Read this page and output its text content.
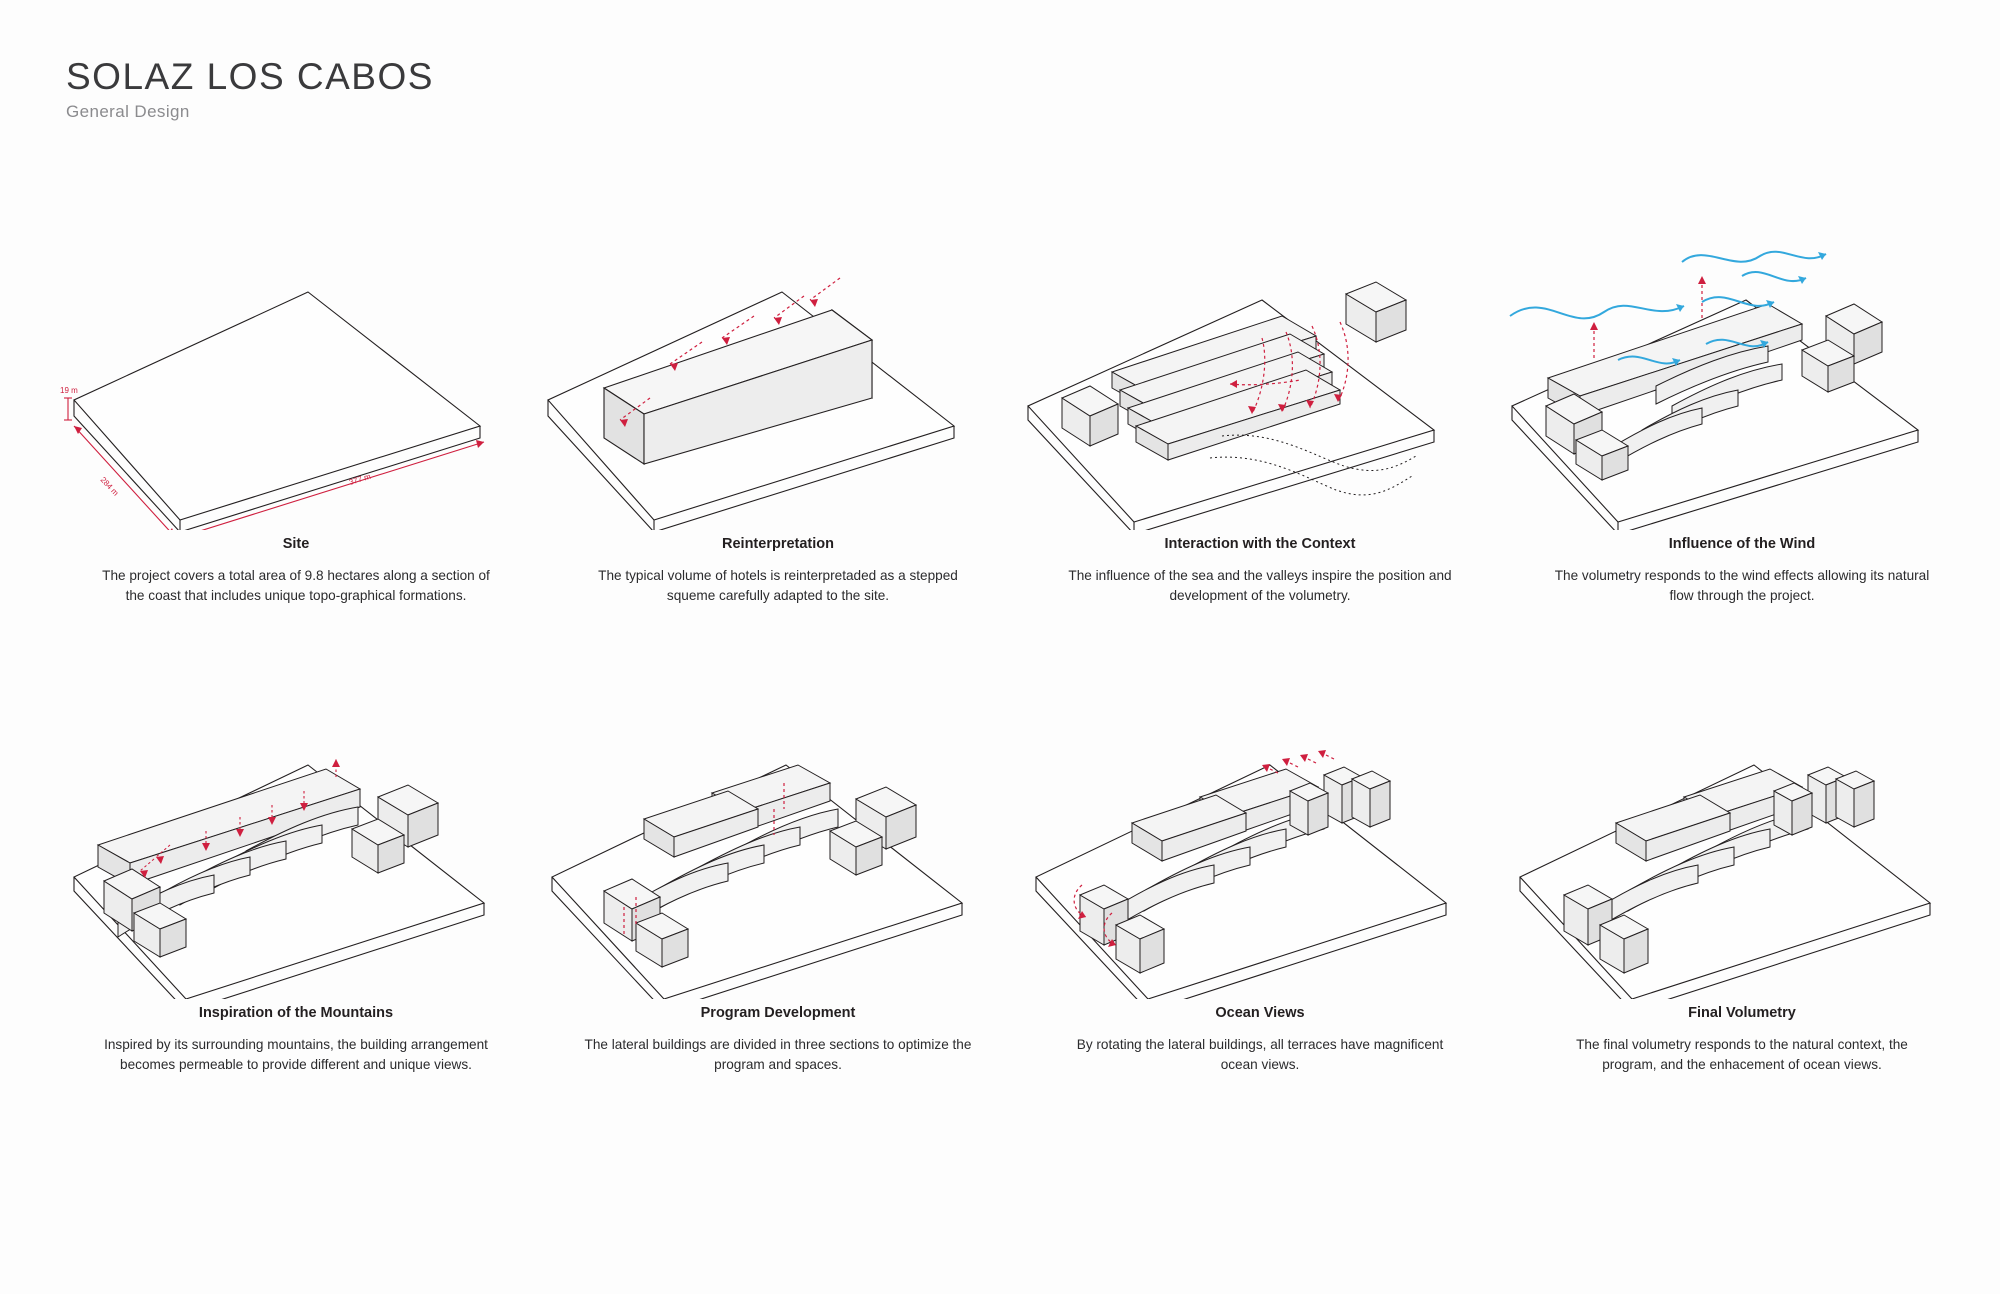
SOLAZ LOS CABOS
General Design
19 m
284 m	377 m
Site
The project covers a total area of 9.8 hectares along a section of the coast that includes unique topo-graphical formations.
Reinterpretation
The typical volume of hotels is reinterpretaded as a stepped squeme carefully adapted to the site.
Interaction with the Context
The influence of the sea and the valleys inspire the position and development of the volumetry.
Influence of the Wind
The volumetry responds to the wind effects allowing its natural flow through the project.
Inspiration of the Mountains
Inspired by its surrounding mountains, the building arrangement becomes permeable to provide different and unique views.
Program Development
The lateral buildings are divided in three sections to optimize the program and spaces.
Ocean Views
By rotating the lateral buildings, all terraces have magnificent ocean views.
Final Volumetry
The final volumetry responds to the natural context, the program, and the enhacement of ocean views.
